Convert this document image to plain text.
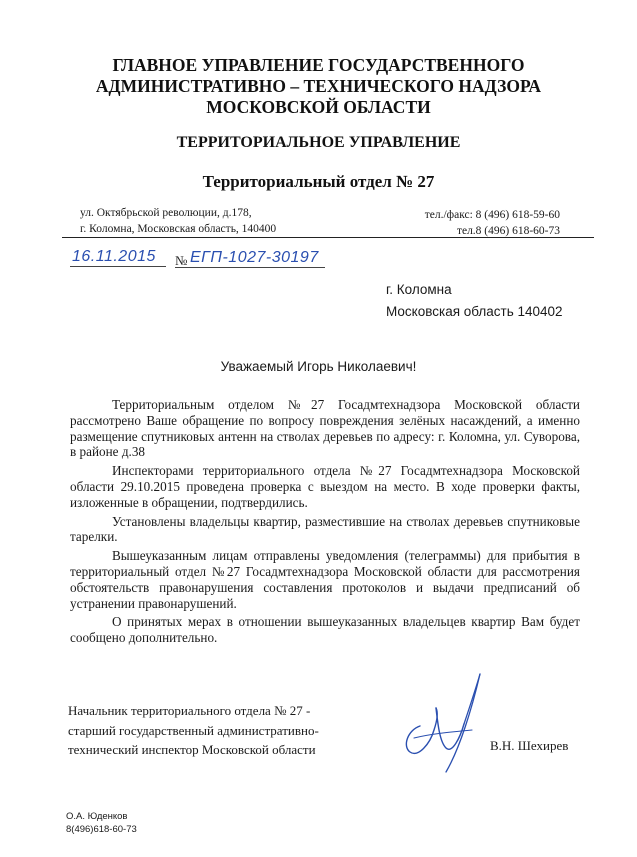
ГЛАВНОЕ УПРАВЛЕНИЕ ГОСУДАРСТВЕННОГО
АДМИНИСТРАТИВНО – ТЕХНИЧЕСКОГО НАДЗОРА
МОСКОВСКОЙ ОБЛАСТИ
ТЕРРИТОРИАЛЬНОЕ УПРАВЛЕНИЕ
Территориальный отдел № 27
ул. Октябрьской революции, д.178,
г. Коломна, Московская область, 140400
тел./факс: 8 (496) 618-59-60
тел.8 (496) 618-60-73
16.11.2015 № ЕГП-1027-30197
г. Коломна
Московская область 140402
Уважаемый Игорь Николаевич!

Территориальным отделом №27 Госадмтехнадзора Московской области рассмотрено Ваше обращение по вопросу повреждения зелёных насаждений, а именно размещение спутниковых антенн на стволах деревьев по адресу: г. Коломна, ул. Суворова, в районе д.38

Инспекторами территориального отдела №27 Госадмтехнадзора Московской области 29.10.2015 проведена проверка с выездом на место. В ходе проверки факты, изложенные в обращении, подтвердились.

Установлены владельцы квартир, разместившие на стволах деревьев спутниковые тарелки.

Вышеуказанным лицам отправлены уведомления (телеграммы) для прибытия в территориальный отдел №27 Госадмтехнадзора Московской области для рассмотрения обстоятельств правонарушения составления протоколов и выдачи предписаний об устранении правонарушений.

О принятых мерах в отношении вышеуказанных владельцев квартир Вам будет сообщено дополнительно.

Начальник территориального отдела № 27 -
старший государственный административно-
технический инспектор Московской области	В.Н. Шехирев
О.А. Юденков
8(496)618-60-73
